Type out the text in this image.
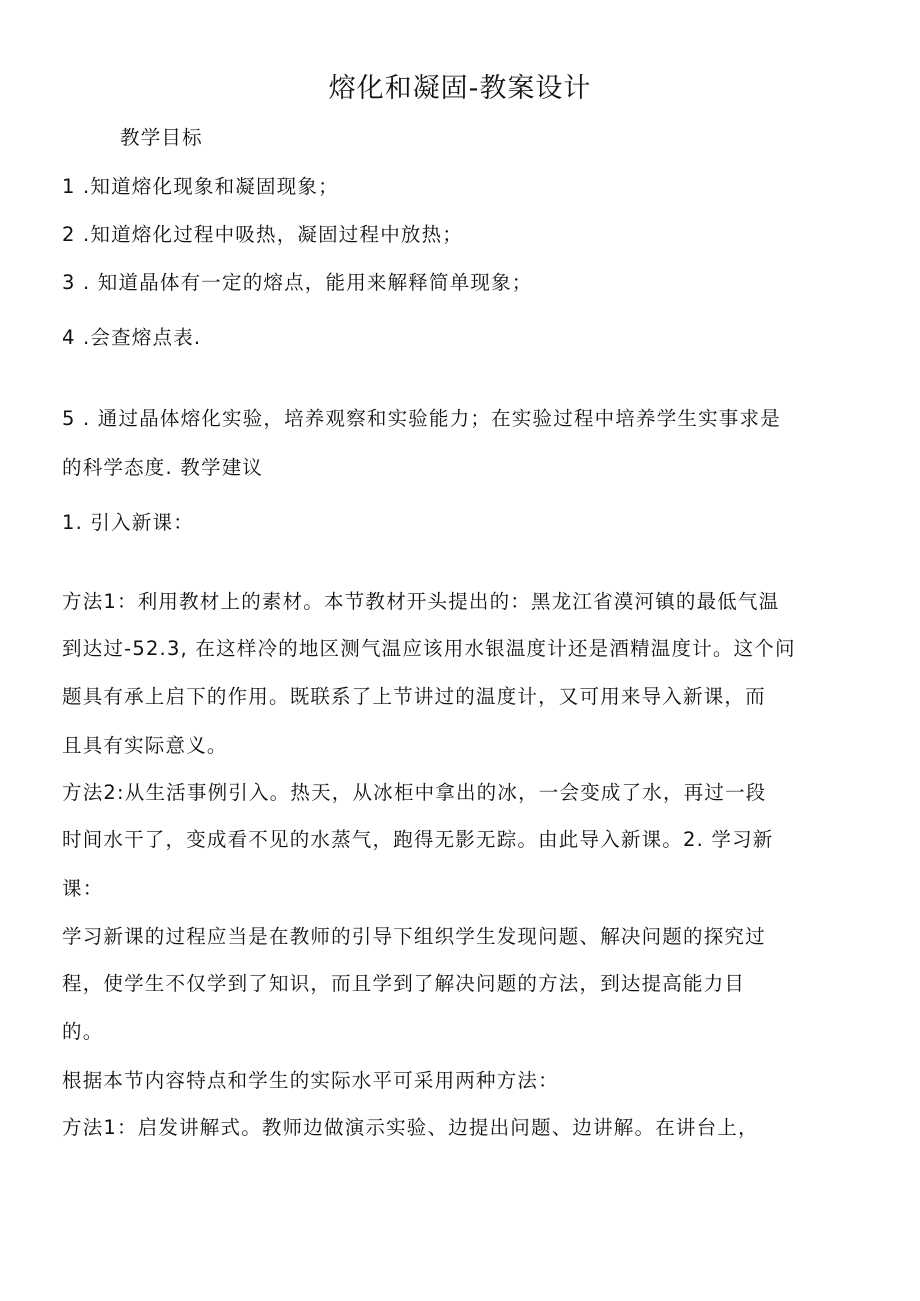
熔化和凝固-教案设计
教学目标
1 .知道熔化现象和凝固现象；
2 .知道熔化过程中吸热，凝固过程中放热；
3 . 知道晶体有一定的熔点，能用来解释简单现象；
4 .会查熔点表.
5 . 通过晶体熔化实验，培养观察和实验能力；在实验过程中培养学生实事求是
的科学态度. 教学建议
1. 引入新课：
方法1：利用教材上的素材。本节教材开头提出的：黑龙江省漠河镇的最低气温
到达过-52.3, 在这样冷的地区测气温应该用水银温度计还是酒精温度计。这个问
题具有承上启下的作用。既联系了上节讲过的温度计，又可用来导入新课，而
且具有实际意义。
方法2:从生活事例引入。热天，从冰柜中拿出的冰，一会变成了水，再过一段
时间水干了，变成看不见的水蒸气，跑得无影无踪。由此导入新课。2. 学习新
课：
学习新课的过程应当是在教师的引导下组织学生发现问题、解决问题的探究过
程，使学生不仅学到了知识，而且学到了解决问题的方法，到达提高能力目
的。
根据本节内容特点和学生的实际水平可采用两种方法：
方法1：启发讲解式。教师边做演示实验、边提出问题、边讲解。在讲台上，
